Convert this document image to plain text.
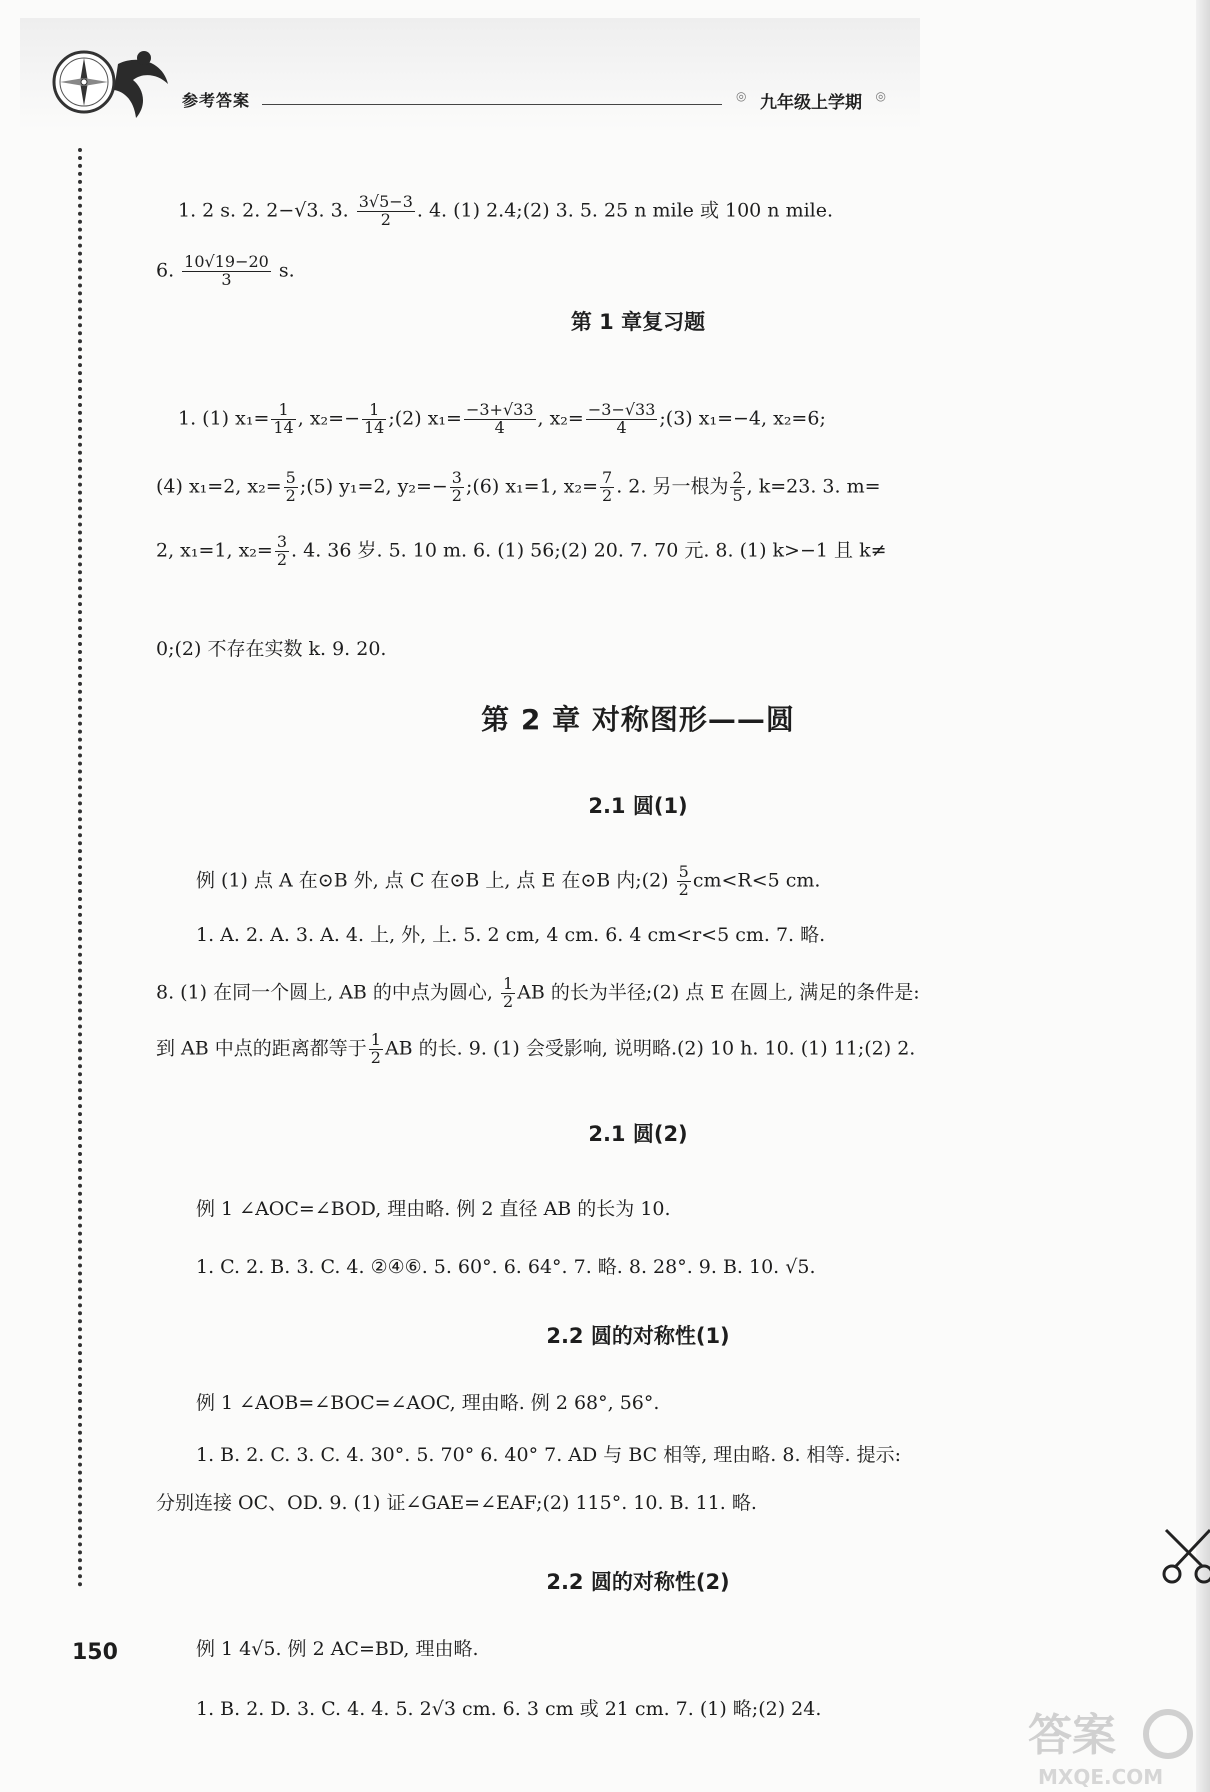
参考答案	◎ 九年级上学期 ◎
1. 2 s. 2. 2−√3. 3. $\frac{3√5-3}{2}$ . 4. (1) 2.4;(2) 3. 5. 25 n mile 或 100 n mile.
6. $\frac{10√19-20}{3} s$.
第 1 章复习题
1. (1) $x_1= \frac{1}{14}$ , $x_2=- \frac{1}{14}$ ;(2) $x_1= \frac{-3+√33}{4}$ , $x_2= \frac{-3-√33}{4}$ ;(3) x₁=−4, x₂=6;
(4) x₁=2, $x_2= \frac{5}{2}$ ;(5) y₁=2, $y_2=- \frac{3}{2}$ ;(6) x₁=1, $x_2= \frac{7}{2}$ . 2. 另一根为 $\frac{2}{5}$ , k=23. 3. m=
2, x₁=1, $x_2= \frac{3}{2}$ . 4. 36 岁. 5. 10 m. 6. (1) 56;(2) 20. 7. 70 元. 8. (1) k>−1 且 k≠
0;(2) 不存在实数 k. 9. 20.
第 2 章 对称图形——圆
2.1 圆(1)
例 (1) 点 A 在⊙B 外, 点 C 在⊙B 上, 点 E 在⊙B 内;(2) $\frac{5}{2} cm<R<5$ cm.
1. A. 2. A. 3. A. 4. 上, 外, 上. 5. 2 cm, 4 cm. 6. 4 cm<r<5 cm. 7. 略.
8. (1) 在同一个圆上, AB 的中点为圆心, $\frac{1}{2}$ AB 的长为半径;(2) 点 E 在圆上, 满足的条件是:
到 AB 中点的距离都等于 $\frac{1}{2}$ AB 的长. 9. (1) 会受影响, 说明略.(2) 10 h. 10. (1) 11;(2) 2.
2.1 圆(2)
例 1 ∠AOC=∠BOD, 理由略. 例 2 直径 AB 的长为 10.
1. C. 2. B. 3. C. 4. ②④⑥. 5. 60°. 6. 64°. 7. 略. 8. 28°. 9. B. 10. √5.
2.2 圆的对称性(1)
例 1 ∠AOB=∠BOC=∠AOC, 理由略. 例 2 68°, 56°.
1. B. 2. C. 3. C. 4. 30°. 5. 70° 6. 40° 7. AD 与 BC 相等, 理由略. 8. 相等. 提示:
分别连接 OC、OD. 9. (1) 证∠GAE=∠EAF;(2) 115°. 10. B. 11. 略.
2.2 圆的对称性(2)
例 1 4√5. 例 2 AC=BD, 理由略.
1. B. 2. D. 3. C. 4. 4. 5. 2√3 cm. 6. 3 cm 或 21 cm. 7. (1) 略;(2) 24.
150
答案
MXQE.COM
